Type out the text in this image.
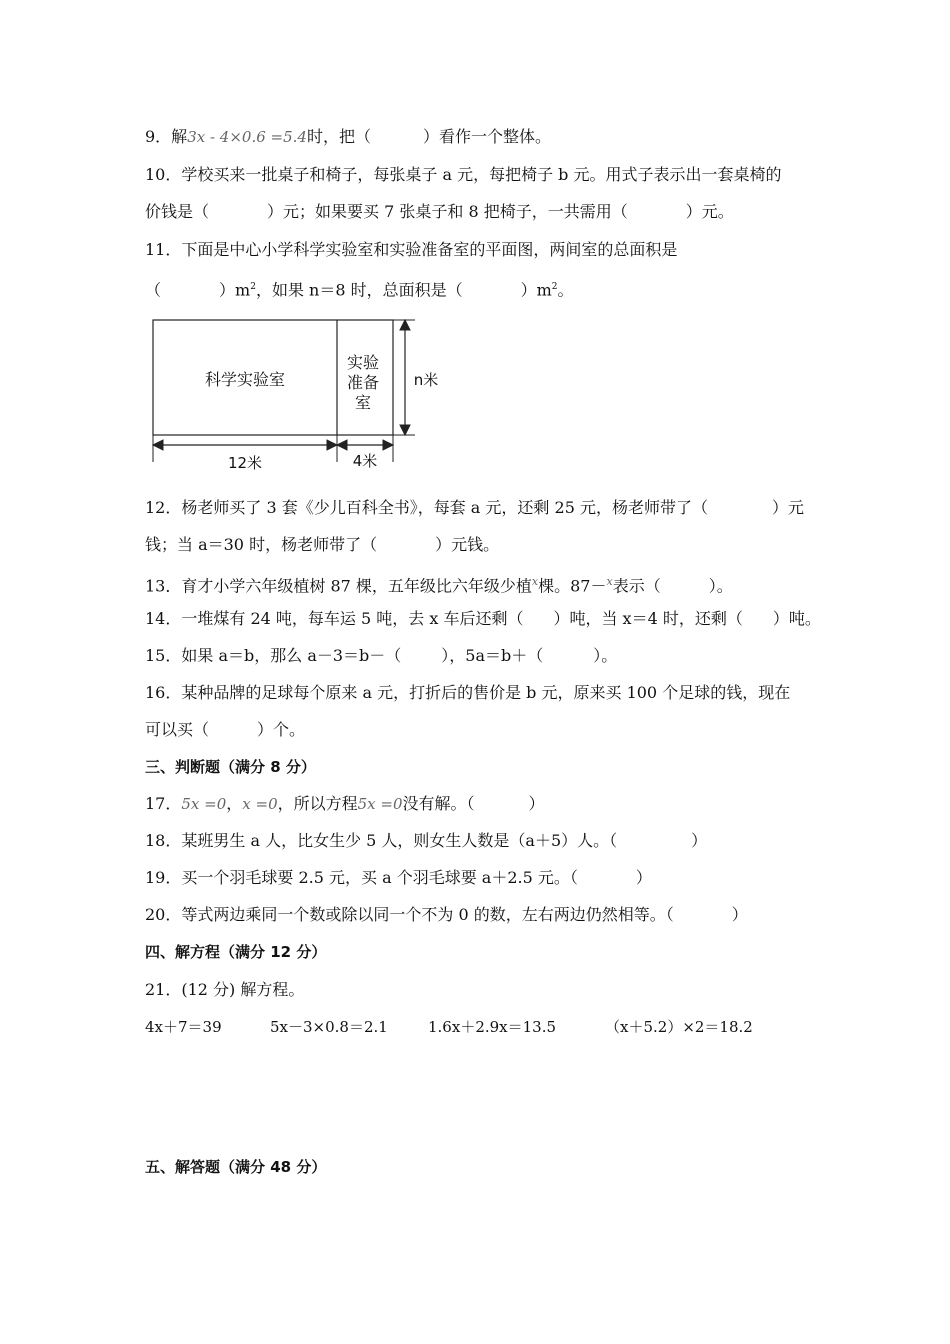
9．解3x - 4×0.6 =5.4时，把（	）看作一个整体。
10．学校买来一批桌子和椅子，每张桌子 a 元，每把椅子 b 元。用式子表示出一套桌椅的
价钱是（	）元；如果要买 7 张桌子和 8 把椅子，一共需用（	）元。
11．下面是中心小学科学实验室和实验准备室的平面图，两间室的总面积是
（	）$m^2$，如果 n＝8 时，总面积是（	）$m^2$。
科学实验室
实验
准备
室
n米
12米	4米
12．杨老师买了 3 套《少儿百科全书》，每套 a 元，还剩 25 元，杨老师带了（	）元
钱；当 a＝30 时，杨老师带了（	）元钱。
13．育才小学六年级植树 87 棵，五年级比六年级少植$^x$棵。87－$^x$表示（	）。
14．一堆煤有 24 吨，每车运 5 吨，去 x 车后还剩（ ）吨，当 x＝4 时，还剩（ ）吨。
15．如果 a＝b，那么 a－3＝b－（	），5a＝b＋（	）。
16．某种品牌的足球每个原来 a 元，打折后的售价是 b 元，原来买 100 个足球的钱，现在
可以买（	）个。
三、判断题（满分 8 分）
17．5x =0，x =0，所以方程5x =0没有解。（	）
18．某班男生 a 人，比女生少 5 人，则女生人数是（a＋5）人。（	）
19．买一个羽毛球要 2.5 元，买 a 个羽毛球要 a＋2.5 元。（	）
20．等式两边乘同一个数或除以同一个不为 0 的数，左右两边仍然相等。（	）
四、解方程（满分 12 分）
21．(12 分) 解方程。
4x＋7＝39	5x－3×0.8＝2.1	1.6x＋2.9x＝13.5	（x＋5.2）×2＝18.2
五、解答题（满分 48 分）
